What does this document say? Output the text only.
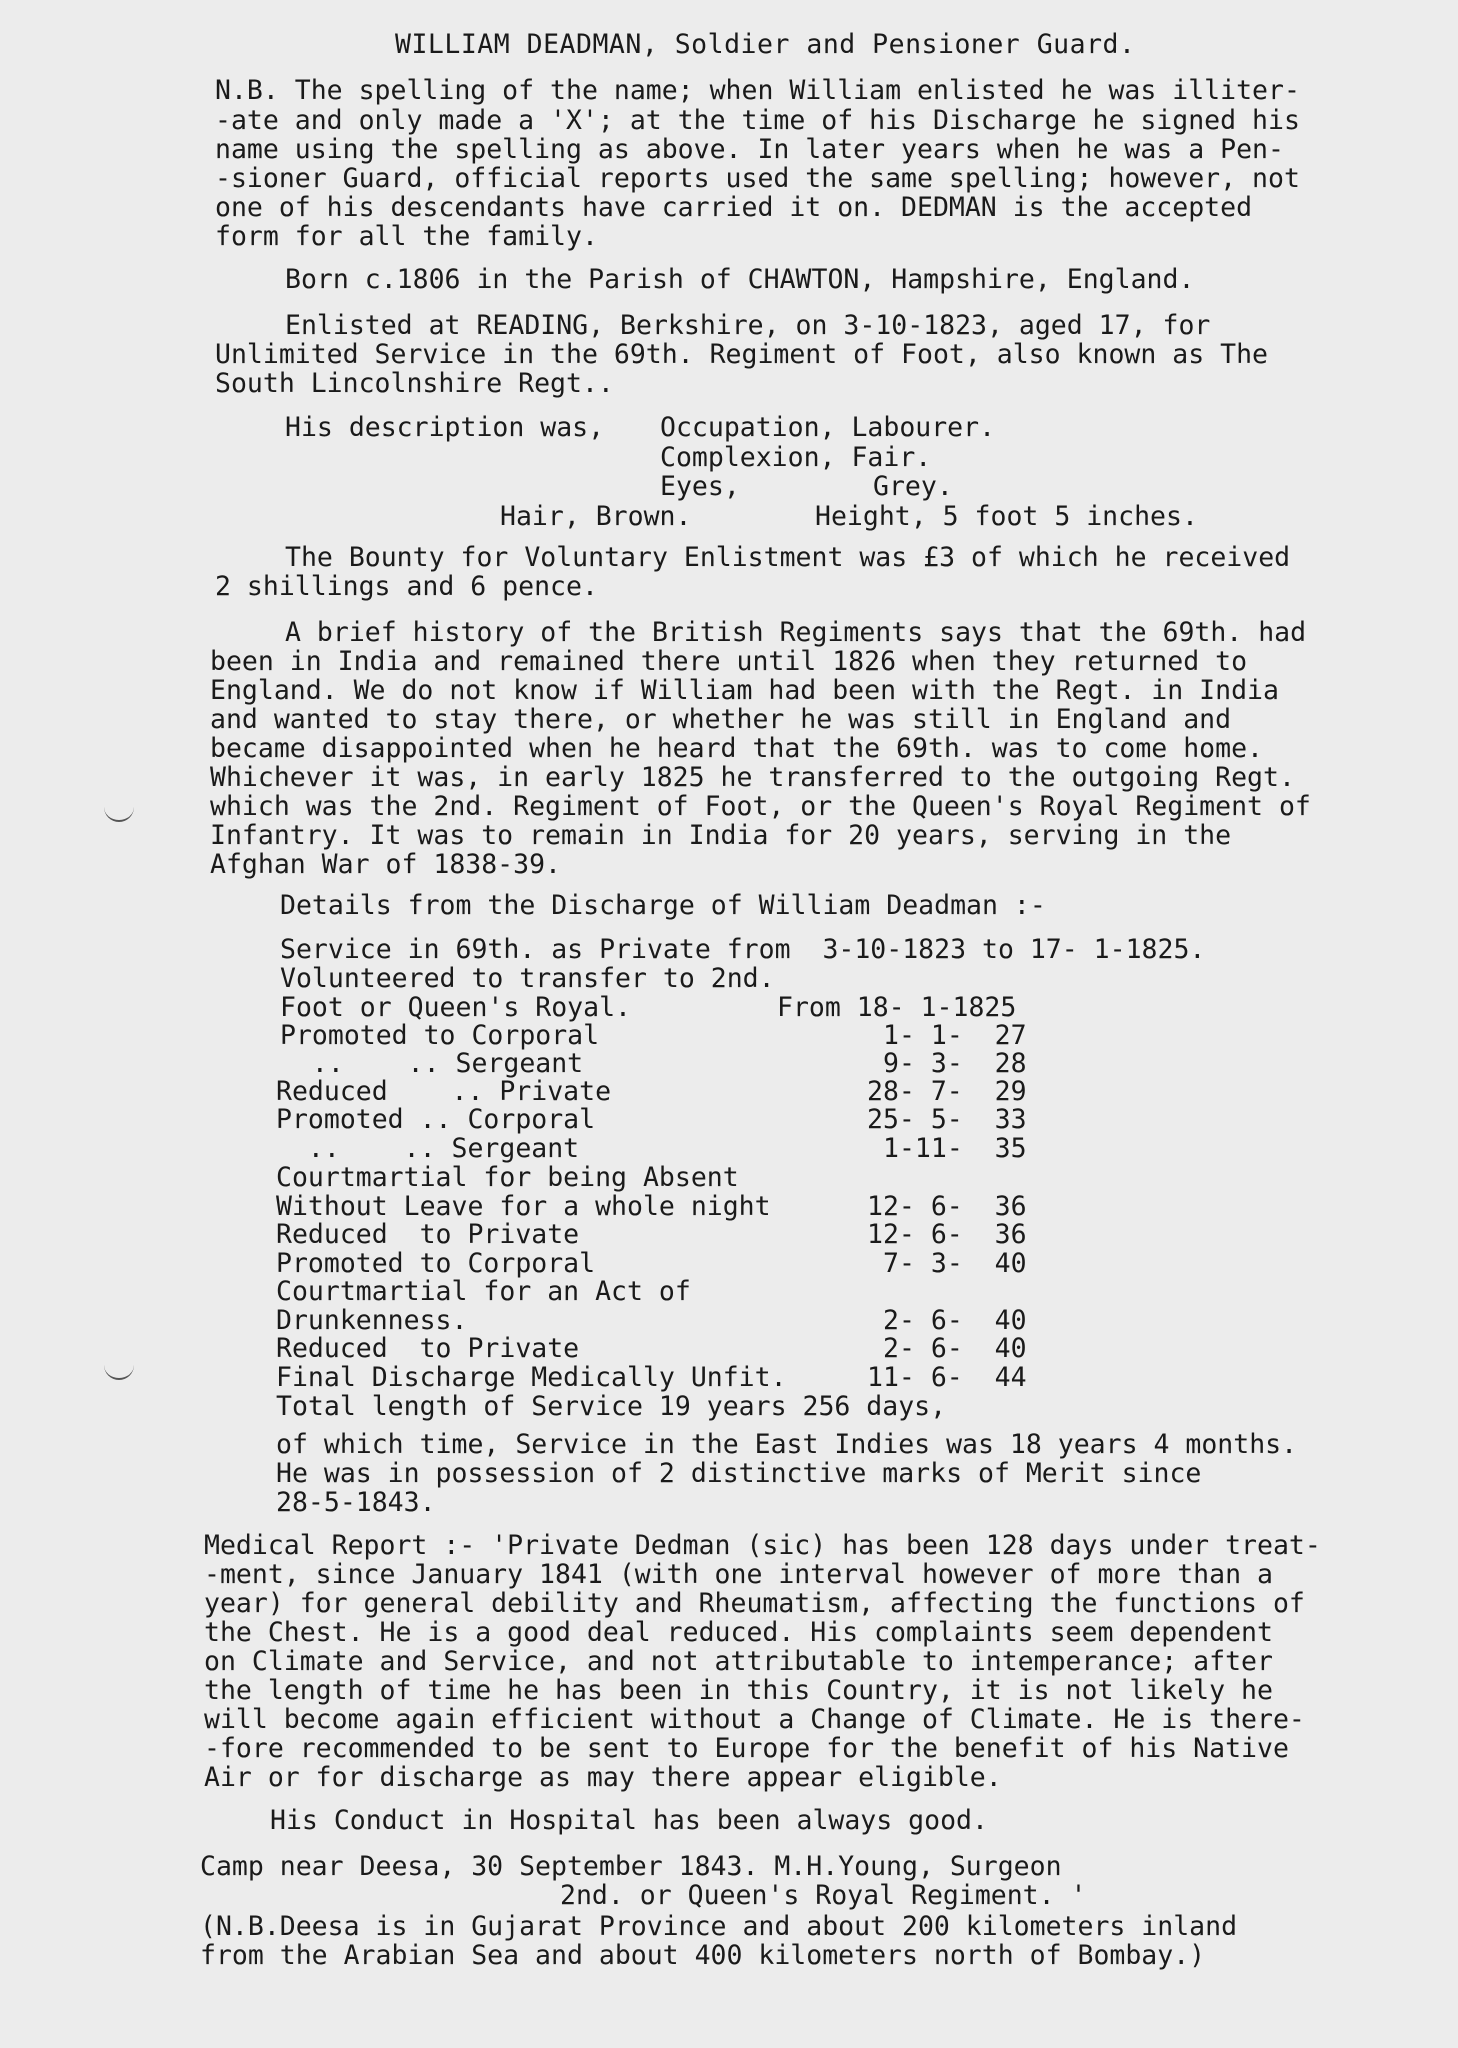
WILLIAM DEADMAN, Soldier and Pensioner Guard.
N.B. The spelling of the name; when William enlisted he was illiter-
-ate and only made a 'X'; at the time of his Discharge he signed his
name using the spelling as above. In later years when he was a Pen-
-sioner Guard, official reports used the same spelling; however, not
one of his descendants have carried it on. DEDMAN is the accepted
form for all the family.
Born c.1806 in the Parish of CHAWTON, Hampshire, England.
Enlisted at READING, Berkshire, on 3-10-1823, aged 17, for
Unlimited Service in the 69th. Regiment of Foot, also known as The
South Lincolnshire Regt..
His description was, Occupation, Labourer.
Complexion, Fair.
Eyes,	Grey.
Hair, Brown.	Height, 5 foot 5 inches.
The Bounty for Voluntary Enlistment was £3 of which he received
2 shillings and 6 pence.
A brief history of the British Regiments says that the 69th. had
been in India and remained there until 1826 when they returned to
England. We do not know if William had been with the Regt. in India
and wanted to stay there, or whether he was still in England and
became disappointed when he heard that the 69th. was to come home.
Whichever it was, in early 1825 he transferred to the outgoing Regt.
which was the 2nd. Regiment of Foot, or the Queen's Royal Regiment of
Infantry. It was to remain in India for 20 years, serving in the
Afghan War of 1838-39.
Details from the Discharge of William Deadman :-
Service in 69th. as Private from  3-10-1823 to 17- 1-1825.
Volunteered to transfer to 2nd.
Foot or Queen's Royal.	From 18- 1-1825
Promoted to Corporal	1- 1-  27
..    .. Sergeant	9- 3-  28
Reduced    .. Private	28- 7-  29
Promoted .. Corporal	25- 5-  33
..    .. Sergeant	1-11-  35
Courtmartial for being Absent
Without Leave for a whole night	12- 6-  36
Reduced  to Private	12- 6-  36
Promoted to Corporal	7- 3-  40
Courtmartial for an Act of
Drunkenness.	2- 6-  40
Reduced  to Private	2- 6-  40
Final Discharge Medically Unfit.	11- 6-  44
Total length of Service 19 years 256 days,
of which time, Service in the East Indies was 18 years 4 months.
He was in possession of 2 distinctive marks of Merit since
28-5-1843.
Medical Report :- 'Private Dedman (sic) has been 128 days under treat-
-ment, since January 1841 (with one interval however of more than a
year) for general debility and Rheumatism, affecting the functions of
the Chest. He is a good deal reduced. His complaints seem dependent
on Climate and Service, and not attributable to intemperance; after
the length of time he has been in this Country, it is not likely he
will become again efficient without a Change of Climate. He is there-
-fore recommended to be sent to Europe for the benefit of his Native
Air or for discharge as may there appear eligible.
His Conduct in Hospital has been always good.
Camp near Deesa, 30 September 1843. M.H.Young, Surgeon
2nd. or Queen's Royal Regiment. '
(N.B.Deesa is in Gujarat Province and about 200 kilometers inland
from the Arabian Sea and about 400 kilometers north of Bombay.)
